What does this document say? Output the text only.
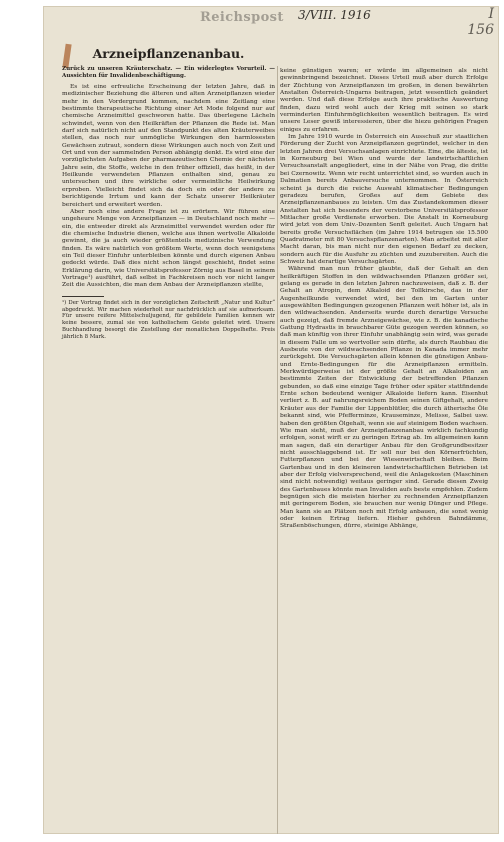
Reichspost 3/VIII. 1916	I
156
Arzneipflanzenanbau.
Zurück zu unseren Kräuterschatz. — Ein widerlegtes Vorurteil. — Aussichten für Invalidenbeschäftigung.

Es ist eine erfreuliche Erscheinung der letzten Jahre, daß in medizinischer Beziehung die älteren und alten Arzneipflanzen wieder mehr in den Vordergrund kommen, nachdem eine Zeitlang eine bestimmte therapeutische Richtung einer Art Mode folgend nur auf chemische Arzneimittel geschworen hatte. Das überlegene Lächeln schwindet, wenn von den Heilkräften der Pflanzen die Rede ist. Man darf sich natürlich nicht auf den Standpunkt des alten Kräuterweibes stellen, das noch nur unmögliche Wirkungen den harmlosesten Gewächsen zutraut, sondern diese Wirkungen auch noch von Zeit und Ort und von der sammelnden Person abhängig denkt. Es wird eine der vorzüglichsten Aufgaben der pharmazeutischen Chemie der nächsten Jahre sein, die Stoffe, welche in den früher offiziell, das heißt, in der Heilkunde verwendeten Pflanzen enthalten sind, genau zu untersuchen und ihre wirkliche oder vermeintliche Heilwirkung erproben. Vielleicht findet sich da doch ein oder der andere zu berichtigende Irrtum und kann der Schatz unserer Heilkräuter bereichert und erweitert werden.

Aber noch eine andere Frage ist zu erörtern. Wir führen eine ungeheure Menge von Arzneipflanzen — in Deutschland noch mehr — ein, die entweder direkt als Arzneimittel verwendet werden oder für die chemische Industrie dienen, welche aus ihnen wertvolle Alkaloide gewinnt, die ja auch wieder größtenteils medizinische Verwendung finden. Es wäre natürlich von größtem Werte, wenn doch wenigstens ein Teil dieser Einfuhr unterbleiben könnte und durch eigenen Anbau gedeckt würde. Daß dies nicht schon längst geschieht, findet seine Erklärung darin, wie Universitätsprofessor Zörnig aus Basel in seinem Vortrage¹) ausführt, daß selbst in Fachkreisen noch vor nicht langer Zeit die Aussichten, die man dem Anbau der Arzneipflanzen stellte,

¹) Der Vortrag findet sich in der vorzüglichen Zeitschrift „Natur und Kultur“ abgedruckt. Wir machen wiederholt nur nachdrücklich auf sie aufmerksam. Für unsere reifere Mittelschuljugend, für gebildete Familien kennen wir keine bessere, zumal sie von katholischem Geiste geleitet wird. Unsere Buchhandlung besorgt die Zustellung der monatlichen Doppelhefte. Preis jährlich 8 Mark.

keine günstigen waren; er würde im allgemeinen als nicht gewinnbringend bezeichnet. Dieses Urteil muß aber durch Erfolge der Züchtung von Arzneipflanzen im großen, in denen bewährten Anstalten Österreich-Ungarns beitragen, jetzt wesentlich geändert werden. Und daß diese Erfolge auch ihre praktische Auswertung finden, dazu wird wohl auch der Krieg mit seinen so stark verminderten Einfuhrmöglichkeiten wesentlich beitragen. Es wird unsere Leser gewiß interessieren, über die hiezu gehörigen Fragen einiges zu erfahren.

Im Jahre 1910 wurde in Österreich ein Ausschuß zur staatlichen Förderung der Zucht von Arzneipflanzen gegründet, welcher in den letzten Jahren drei Versuchsanlagen einrichtete. Eine, die älteste, ist in Korneuburg bei Wien und wurde der landwirtschaftlichen Versuchsanstalt angegliedert, eine in der Nähe von Prag, die dritte bei Czernowitz. Wenn wir recht unterrichtet sind, so wurden auch in Dalmatien bereits Anbauversuche unternommen. In Österreich scheint ja durch die reiche Auswahl klimatischer Bedingungen geradezu berufen, Großes auf dem Gebiete des Arzneipflanzenanbaues zu leisten. Um das Zustandekommen dieser Anstalten hat sich besonders der verstorbene Universitätsprofessor Mitlacher große Verdienste erworben. Die Anstalt in Korneuburg wird jetzt von dem Univ.-Dozenten Senft geleitet. Auch Ungarn hat bereits große Versuchsflächen (im Jahre 1914 betrugen sie 15.500 Quadratmeter mit 80 Versuchspflanzenarten). Man arbeitet mit aller Macht daran, bis man nicht nur den eigenen Bedarf zu decken, sondern auch für die Ausfuhr zu züchten und zuzubereiten. Auch die Schweiz hat derartige Versuchsgärten.

Während man nun früher glaubte, daß der Gehalt an den heilkräftigen Stoffen in den wildwachsenden Pflanzen größer sei, gelang es gerade in den letzten Jahren nachzuweisen, daß z. B. der Gehalt an Atropin, dem Alkaloid der Tollkirsche, das in der Augenheilkunde verwendet wird, bei den im Garten unter ausgewählten Bedingungen gezogenen Pflanzen weit höher ist, als in den wildwachsenden. Anderseits wurde durch derartige Versuche auch gezeigt, daß fremde Arzneigewächse, wie z. B. die kanadische Gattung Hydrastis in brauchbarer Güte gezogen werden können, so daß man künftig von ihrer Einfuhr unabhängig sein wird, was gerade in diesem Falle um so wertvoller sein dürfte, als durch Raubbau die Ausbeute von der wildwachsenden Pflanze in Kanada immer mehr zurückgeht. Die Versuchsgärten allein können die günstigen Anbau- und Ernte-Bedingungen für die Arzneipflanzen ermitteln. Merkwürdigerweise ist der größte Gehalt an Alkaloiden an bestimmte Zeiten der Entwicklung der betreffenden Pflanzen gebunden, so daß eine einzige Tage früher oder später stattfindende Ernte schon bedeutend weniger Alkaloide liefern kann. Eisenhut verliert z. B. auf nahrungsreichem Boden seinen Giftgehalt, andere Kräuter aus der Familie der Lippenblütler, die durch ätherische Öle bekannt sind, wie Pfefferminze, Krauseminze, Melisse, Salbei usw. haben den größten Ölgehalt, wenn sie auf steinigem Boden wachsen. Wie man sieht, muß der Arzneipflanzenanbau wirklich fachkundig erfolgen, sonst wirft er zu geringen Ertrag ab. Im allgemeinen kann man sagen, daß ein derartiger Anbau für den Großgrundbesitzer nicht ausschlaggebend ist. Er soll nur bei den Körnerfrüchten, Futterpflanzen und bei der Wiesenwirtschaft bleiben. Beim Gartenbau und in den kleineren landwirtschaftlichen Betrieben ist aber der Erfolg vielversprechend, weil die Anlagekosten (Maschinen sind nicht notwendig) weitaus geringer sind. Gerade diesen Zweig des Gartenbaues könnte man Invaliden aufs beste empfehlen. Zudem begnügen sich die meisten hierher zu rechnenden Arzneipflanzen mit geringerem Boden, sie brauchen nur wenig Dünger und Pflege. Man kann sie an Plätzen noch mit Erfolg anbauen, die sonst wenig oder keinen Ertrag liefern. Hieher gehören Bahndämme, Straßenböschungen, dürre, steinige Abhänge,
